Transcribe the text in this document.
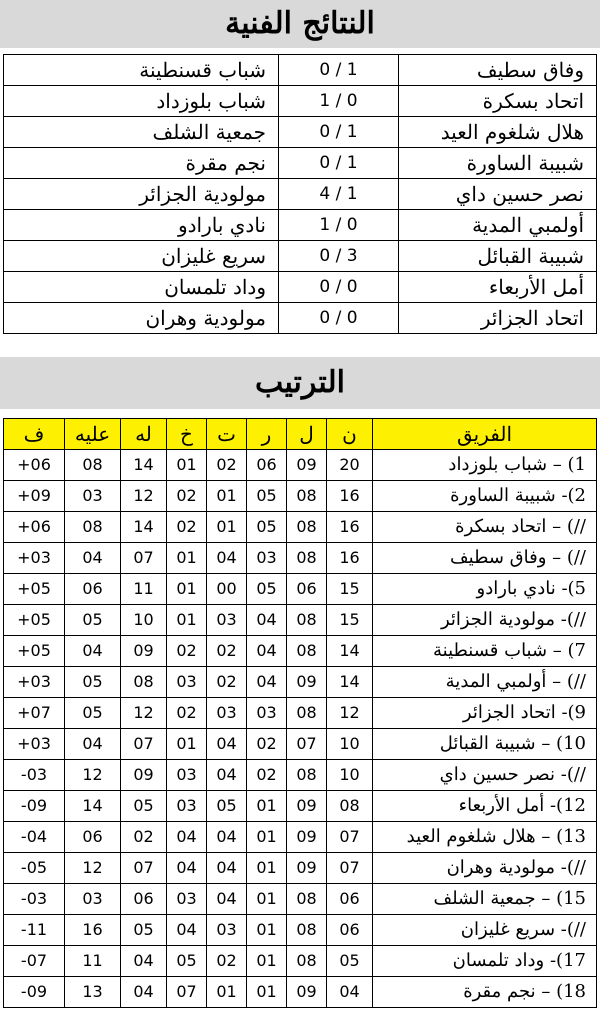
النتائج الفنية
وفاق سطيف	1 / 0	شباب قسنطينة
اتحاد بسكرة	0 / 1	شباب بلوزداد
هلال شلغوم العيد	1 / 0	جمعية الشلف
شبيبة الساورة	1 / 0	نجم مقرة
نصر حسين داي	1 / 4	مولودية الجزائر
أولمبي المدية	0 / 1	نادي بارادو
شبيبة القبائل	3 / 0	سريع غليزان
أمل الأربعاء	0 / 0	وداد تلمسان
اتحاد الجزائر	0 / 0	مولودية وهران
الترتيب
الفريق	ن	ل	ر	ت	خ	له	عليه	ف
1) – شباب بلوزداد	20	09	06	02	01	14	08	+06
2)- شبيبة الساورة	16	08	05	01	02	12	03	+09
//) – اتحاد بسكرة	16	08	05	01	02	14	08	+06
//) – وفاق سطيف	16	08	03	04	01	07	04	+03
5)- نادي بارادو	15	06	05	00	01	11	06	+05
//)- مولودية الجزائر	15	08	04	03	01	10	05	+05
7) – شباب قسنطينة	14	08	04	02	02	09	04	+05
//) – أولمبي المدية	14	09	04	02	03	08	05	+03
9)- اتحاد الجزائر	12	08	03	03	02	12	05	+07
10) – شبيبة القبائل	10	07	02	04	01	07	04	+03
//)- نصر حسين داي	10	08	02	04	03	09	12	-03
12)- أمل الأربعاء	08	09	01	05	03	05	14	-09
13) – هلال شلغوم العيد	07	09	01	04	04	02	06	-04
//)- مولودية وهران	07	09	01	04	04	07	12	-05
15) – جمعية الشلف	06	08	01	04	03	06	03	-03
//)- سريع غليزان	06	08	01	03	04	05	16	-11
17)- وداد تلمسان	05	08	01	02	05	04	11	-07
18) – نجم مقرة	04	09	01	01	07	04	13	-09
